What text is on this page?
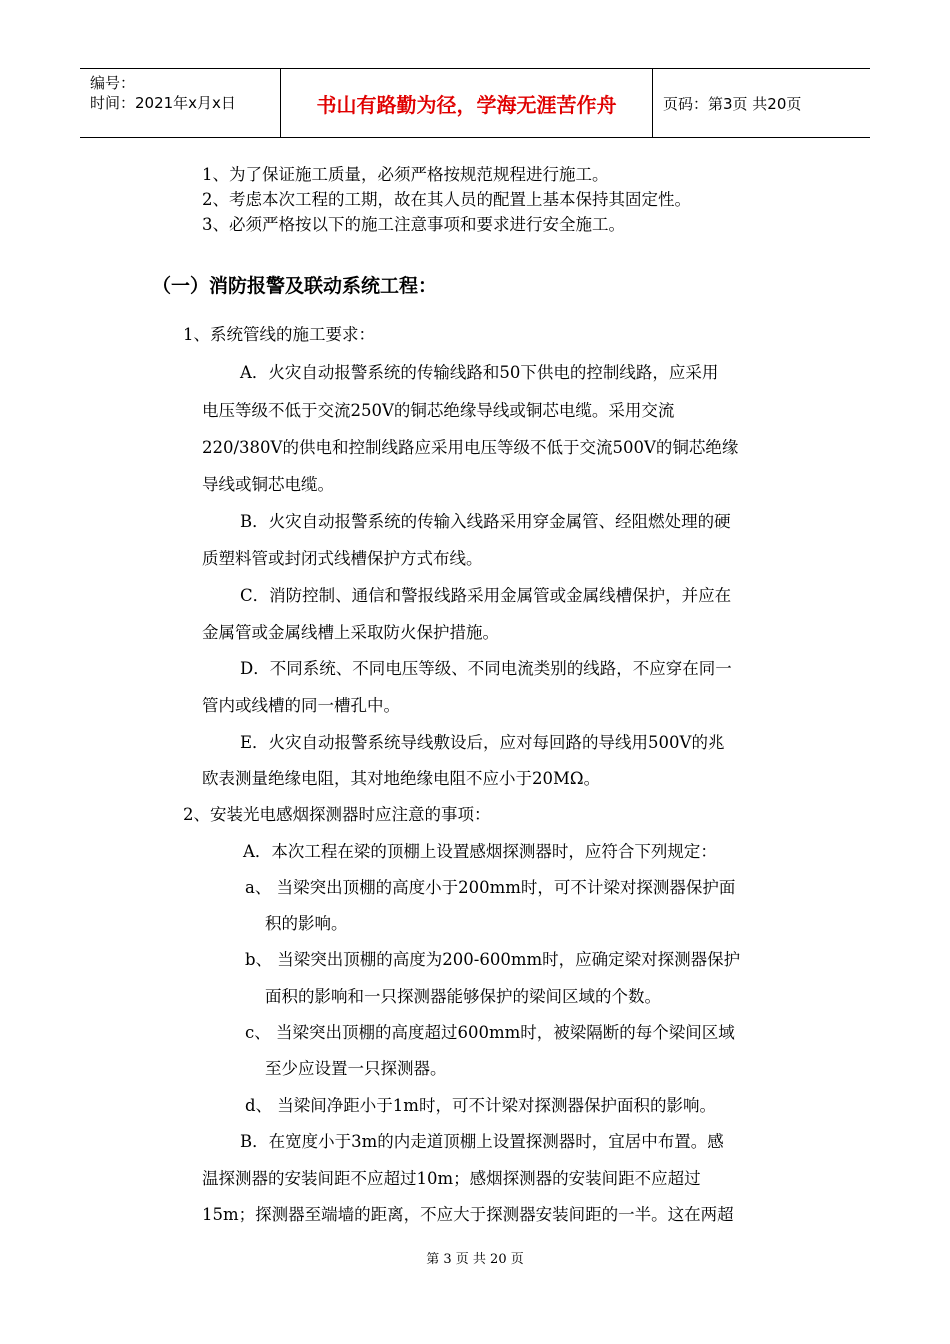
编号：
时间：2021年x月x日	书山有路勤为径，学海无涯苦作舟	页码：第3页 共20页
1、为了保证施工质量，必须严格按规范规程进行施工。
2、考虑本次工程的工期，故在其人员的配置上基本保持其固定性。
3、必须严格按以下的施工注意事项和要求进行安全施工。
（一）消防报警及联动系统工程：
1、系统管线的施工要求：
A．火灾自动报警系统的传输线路和50下供电的控制线路，应采用
电压等级不低于交流250V的铜芯绝缘导线或铜芯电缆。采用交流
220/380V的供电和控制线路应采用电压等级不低于交流500V的铜芯绝缘
导线或铜芯电缆。
B．火灾自动报警系统的传输入线路采用穿金属管、经阻燃处理的硬
质塑料管或封闭式线槽保护方式布线。
C．消防控制、通信和警报线路采用金属管或金属线槽保护，并应在
金属管或金属线槽上采取防火保护措施。
D．不同系统、不同电压等级、不同电流类别的线路，不应穿在同一
管内或线槽的同一槽孔中。
E．火灾自动报警系统导线敷设后，应对每回路的导线用500V的兆
欧表测量绝缘电阻，其对地绝缘电阻不应小于20MΩ。
2、安装光电感烟探测器时应注意的事项：
A．本次工程在梁的顶棚上设置感烟探测器时，应符合下列规定：
a、 当梁突出顶棚的高度小于200mm时，可不计梁对探测器保护面
积的影响。
b、 当梁突出顶棚的高度为200-600mm时，应确定梁对探测器保护
面积的影响和一只探测器能够保护的梁间区域的个数。
c、 当梁突出顶棚的高度超过600mm时，被梁隔断的每个梁间区域
至少应设置一只探测器。
d、 当梁间净距小于1m时，可不计梁对探测器保护面积的影响。
B．在宽度小于3m的内走道顶棚上设置探测器时，宜居中布置。感
温探测器的安装间距不应超过10m；感烟探测器的安装间距不应超过
15m；探测器至端墙的距离，不应大于探测器安装间距的一半。这在两超
第 3 页 共 20 页
